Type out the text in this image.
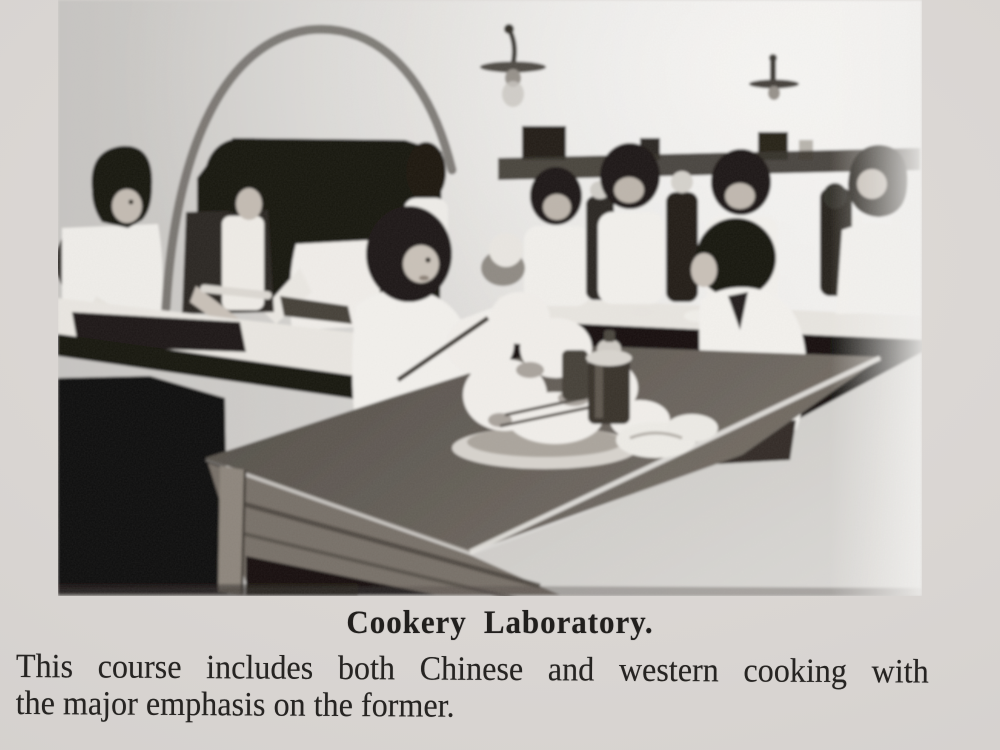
Cookery Laboratory.
This course includes both Chinese and western cooking with
the major emphasis on the former.
